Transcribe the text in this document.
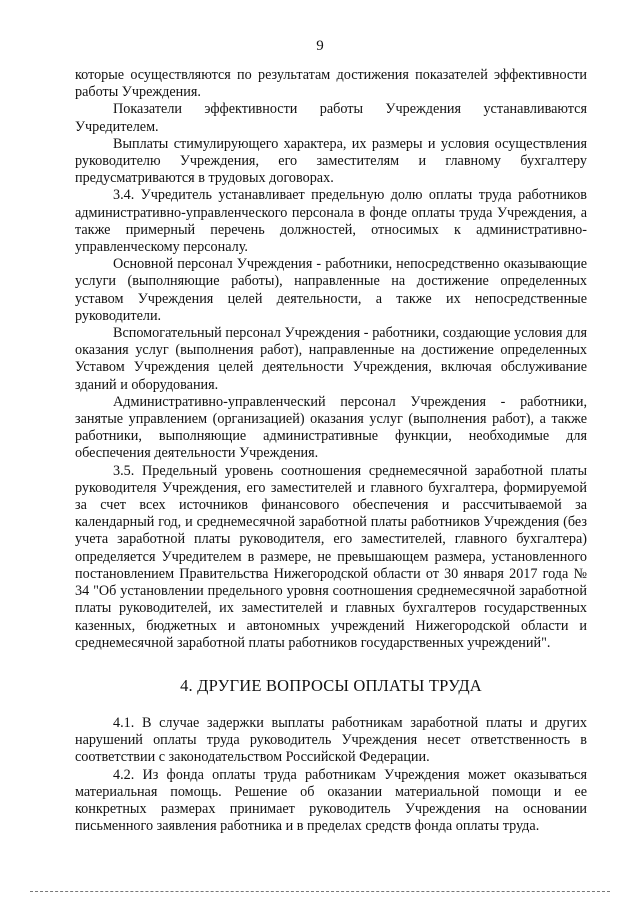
9

которые осуществляются по результатам достижения показателей эффективности работы Учреждения.

Показатели эффективности работы Учреждения устанавливаются Учредителем.

Выплаты стимулирующего характера, их размеры и условия осуществления руководителю Учреждения, его заместителям и главному бухгалтеру предусматриваются в трудовых договорах.

3.4. Учредитель устанавливает предельную долю оплаты труда работников административно-управленческого персонала в фонде оплаты труда Учреждения, а также примерный перечень должностей, относимых к административно-управленческому персоналу.

Основной персонал Учреждения - работники, непосредственно оказывающие услуги (выполняющие работы), направленные на достижение определенных уставом Учреждения целей деятельности, а также их непосредственные руководители.

Вспомогательный персонал Учреждения - работники, создающие условия для оказания услуг (выполнения работ), направленные на достижение определенных Уставом Учреждения целей деятельности Учреждения, включая обслуживание зданий и оборудования.

Административно-управленческий персонал Учреждения - работники, занятые управлением (организацией) оказания услуг (выполнения работ), а также работники, выполняющие административные функции, необходимые для обеспечения деятельности Учреждения.

3.5. Предельный уровень соотношения среднемесячной заработной платы руководителя Учреждения, его заместителей и главного бухгалтера, формируемой за счет всех источников финансового обеспечения и рассчитываемой за календарный год, и среднемесячной заработной платы работников Учреждения (без учета заработной платы руководителя, его заместителей, главного бухгалтера) определяется Учредителем в размере, не превышающем размера, установленного постановлением Правительства Нижегородской области от 30 января 2017 года № 34 "Об установлении предельного уровня соотношения среднемесячной заработной платы руководителей, их заместителей и главных бухгалтеров государственных казенных, бюджетных и автономных учреждений Нижегородской области и среднемесячной заработной платы работников государственных учреждений".

4. ДРУГИЕ ВОПРОСЫ ОПЛАТЫ ТРУДА

4.1. В случае задержки выплаты работникам заработной платы и других нарушений оплаты труда руководитель Учреждения несет ответственность в соответствии с законодательством Российской Федерации.

4.2. Из фонда оплаты труда работникам Учреждения может оказываться материальная помощь. Решение об оказании материальной помощи и ее конкретных размерах принимает руководитель Учреждения на основании письменного заявления работника и в пределах средств фонда оплаты труда.
